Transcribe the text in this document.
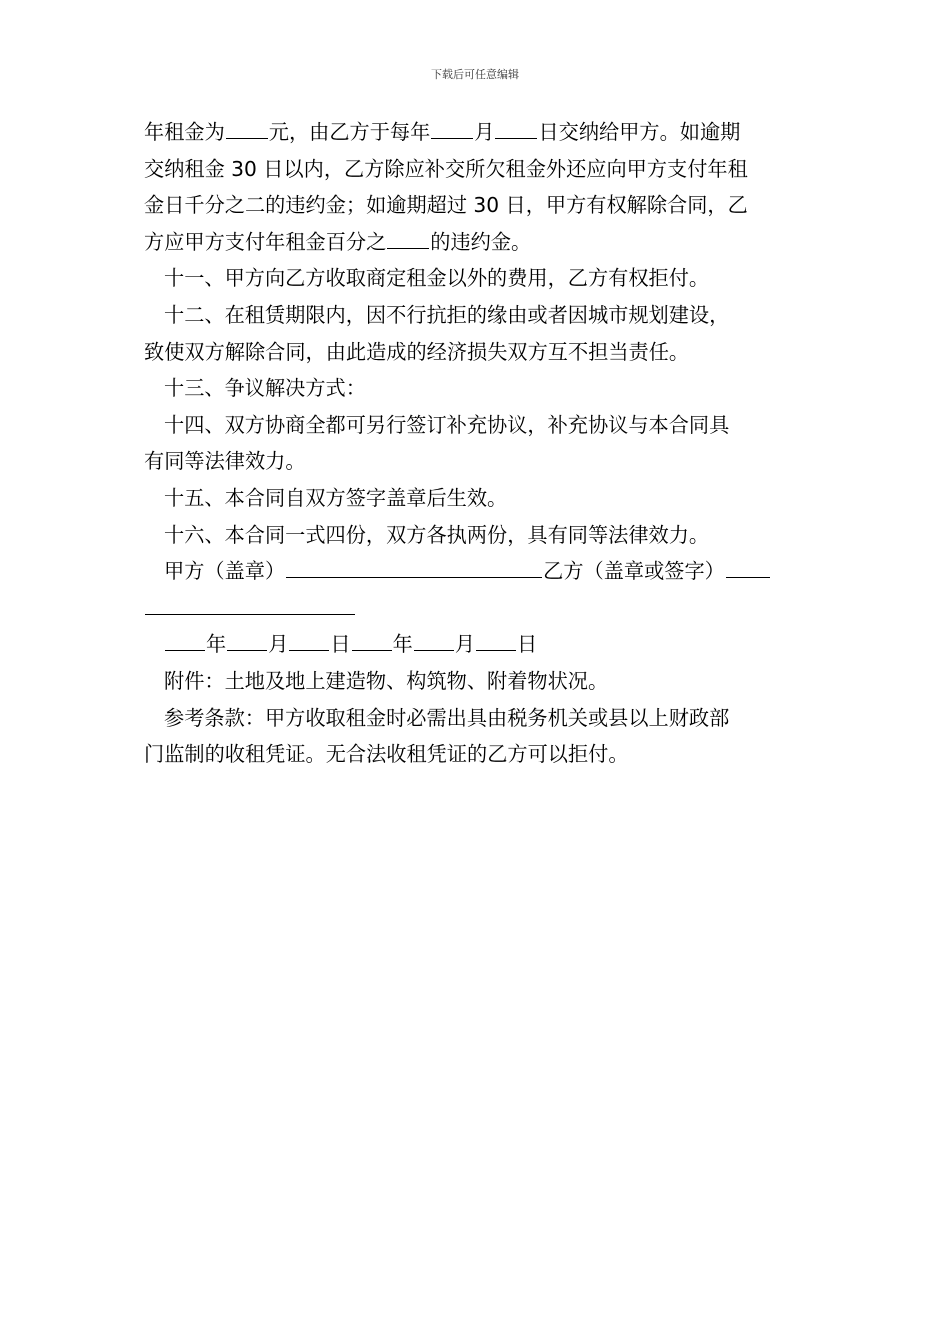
下载后可任意编辑
年租金为 元，由乙方于每年 月 日交纳给甲方。如逾期
交纳租金 30 日以内，乙方除应补交所欠租金外还应向甲方支付年租
金日千分之二的违约金；如逾期超过 30 日，甲方有权解除合同，乙
方应甲方支付年租金百分之 的违约金。
十一、甲方向乙方收取商定租金以外的费用，乙方有权拒付。
十二、在租赁期限内，因不行抗拒的缘由或者因城市规划建设，
致使双方解除合同，由此造成的经济损失双方互不担当责任。
十三、争议解决方式：
十四、双方协商全都可另行签订补充协议，补充协议与本合同具
有同等法律效力。
十五、本合同自双方签字盖章后生效。
十六、本合同一式四份，双方各执两份，具有同等法律效力。
甲方（盖章）	乙方（盖章或签字）
年 月 日 年 月 日
附件：土地及地上建造物、构筑物、附着物状况。
参考条款：甲方收取租金时必需出具由税务机关或县以上财政部
门监制的收租凭证。无合法收租凭证的乙方可以拒付。
